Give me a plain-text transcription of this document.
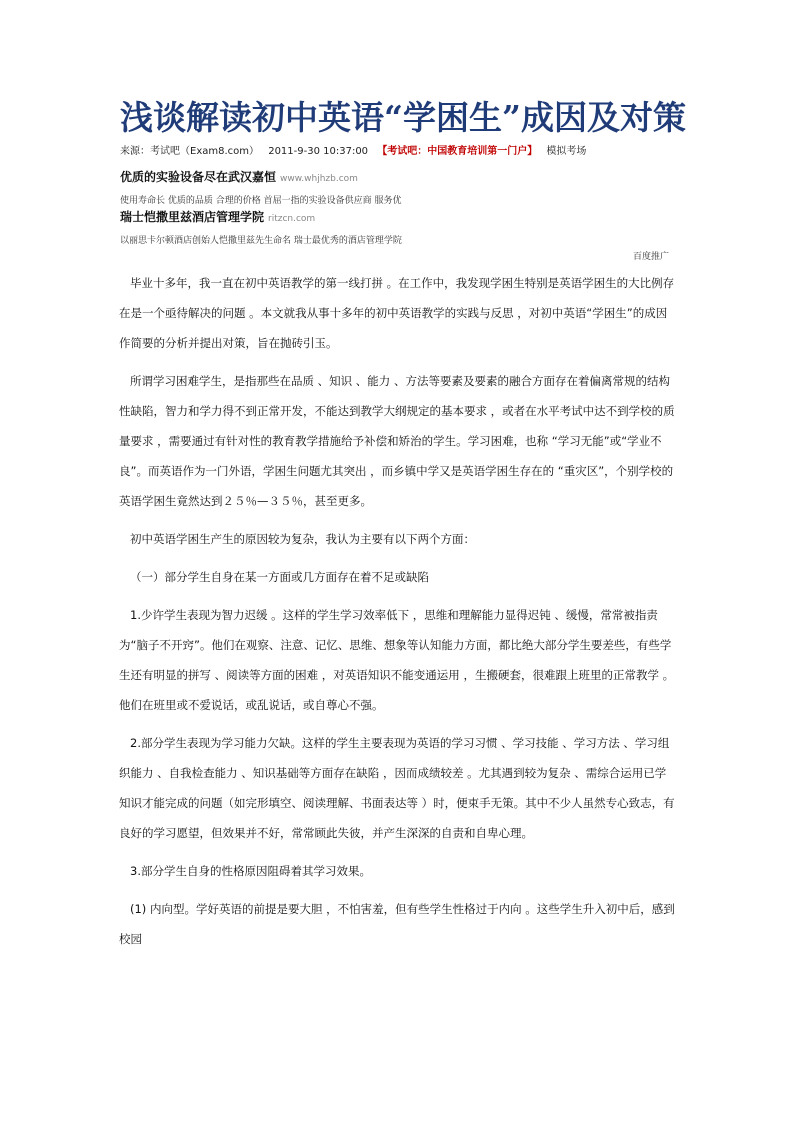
浅谈解读初中英语“学困生”成因及对策
来源：考试吧（Exam8.com） 2011-9-30 10:37:00 【考试吧：中国教育培训第一门户】 模拟考场
优质的实验设备尽在武汉嘉恒 www.whjhzb.com
使用寿命长 优质的品质 合理的价格 首屈一指的实验设备供应商 服务优
瑞士恺撒里兹酒店管理学院 ritzcn.com
以丽思卡尔顿酒店创始人恺撒里兹先生命名 瑞士最优秀的酒店管理学院
百度推广

毕业十多年，我一直在初中英语教学的第一线打拼 。在工作中，我发现学困生特别是英语学困生的大比例存在是一个亟待解决的问题 。本文就我从事十多年的初中英语教学的实践与反思 ，对初中英语“学困生”的成因作简要的分析并提出对策，旨在抛砖引玉。

所谓学习困难学生，是指那些在品质 、知识 、能力 、方法等要素及要素的融合方面存在着偏离常规的结构性缺陷，智力和学力得不到正常开发，不能达到教学大纲规定的基本要求 ，或者在水平考试中达不到学校的质量要求 ，需要通过有针对性的教育教学措施给予补偿和矫治的学生。学习困难，也称 “学习无能”或“学业不良”。而英语作为一门外语，学困生问题尤其突出 ，而乡镇中学又是英语学困生存在的 “重灾区”，个别学校的英语学困生竟然达到２５％—３５％，甚至更多。

初中英语学困生产生的原因较为复杂，我认为主要有以下两个方面：

（一）部分学生自身在某一方面或几方面存在着不足或缺陷

1.少许学生表现为智力迟缓 。这样的学生学习效率低下 ，思维和理解能力显得迟钝 、缓慢，常常被指责为“脑子不开窍”。他们在观察、注意、记忆、思维、想象等认知能力方面，都比绝大部分学生要差些，有些学生还有明显的拼写 、阅读等方面的困难 ，对英语知识不能变通运用 ，生搬硬套，很难跟上班里的正常教学 。他们在班里或不爱说话，或乱说话，或自尊心不强。

2.部分学生表现为学习能力欠缺。这样的学生主要表现为英语的学习习惯 、学习技能 、学习方法 、学习组织能力 、自我检查能力 、知识基础等方面存在缺陷 ，因而成绩较差 。尤其遇到较为复杂 、需综合运用已学知识才能完成的问题（如完形填空、阅读理解、书面表达等 ）时，便束手无策。其中不少人虽然专心致志，有良好的学习愿望，但效果并不好，常常顾此失彼，并产生深深的自责和自卑心理。

3.部分学生自身的性格原因阻碍着其学习效果。

(1) 内向型。学好英语的前提是要大胆 ，不怕害羞，但有些学生性格过于内向 。这些学生升入初中后，感到校园
